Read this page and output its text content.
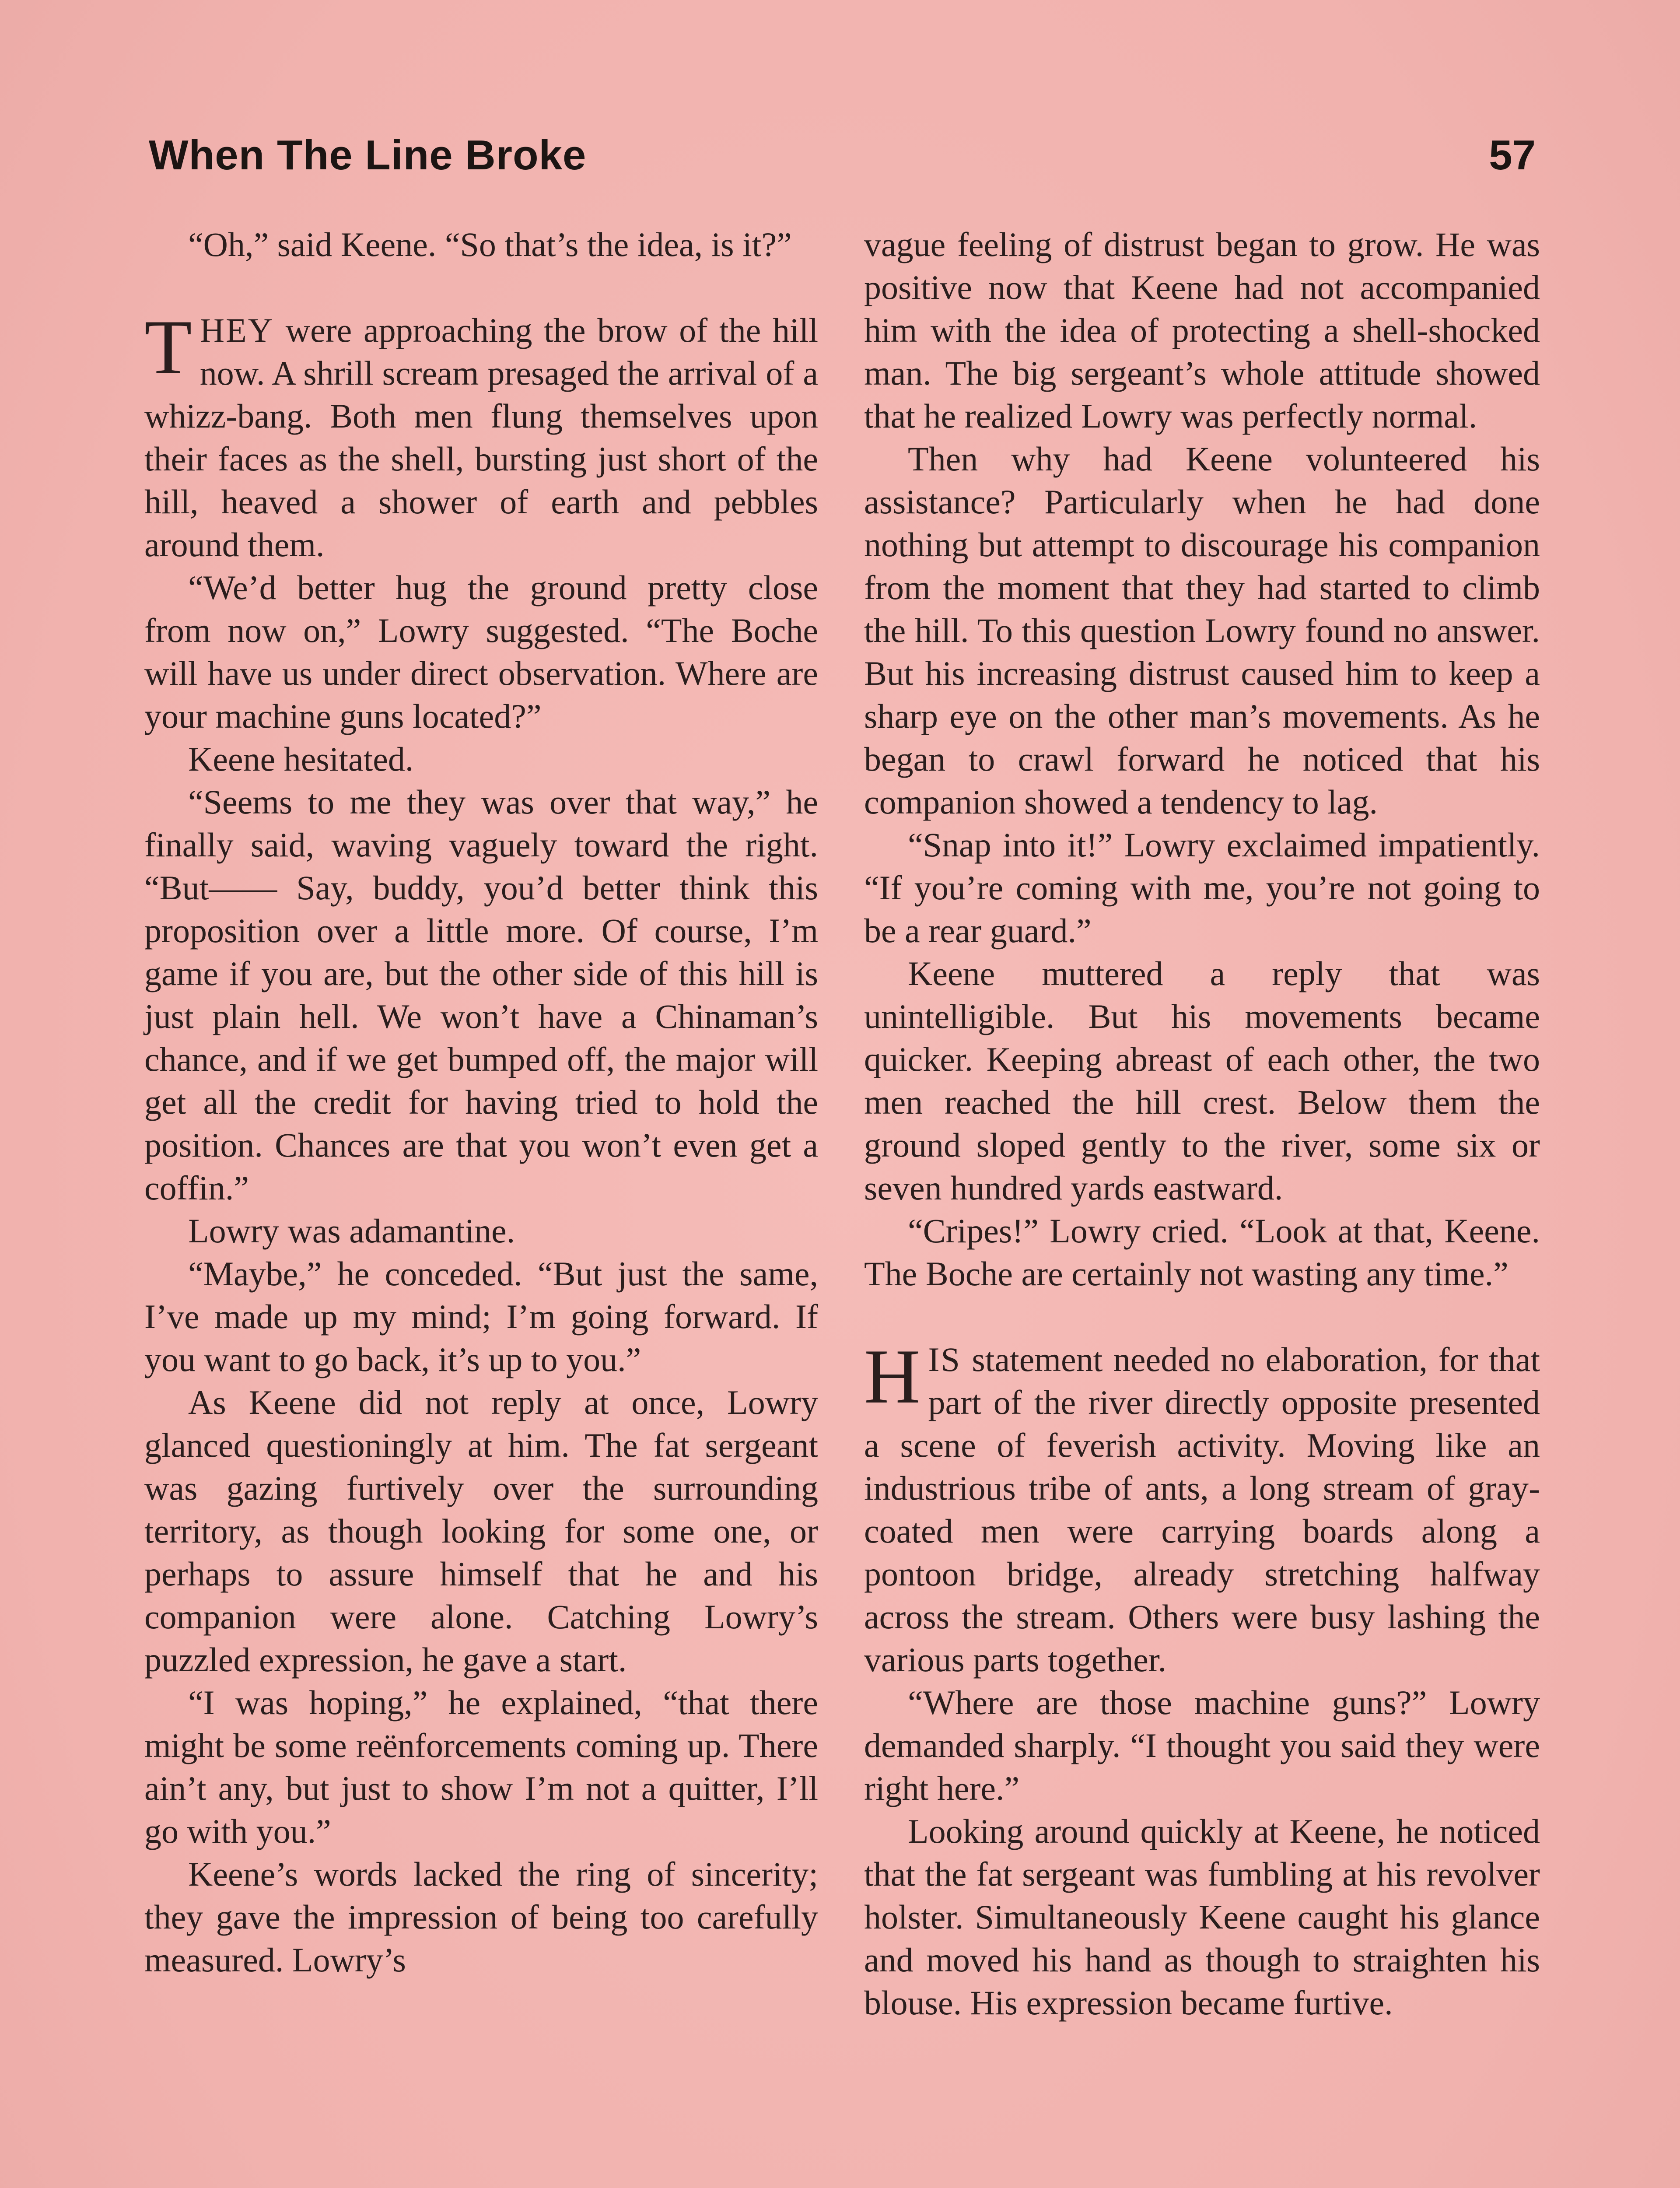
When The Line Broke	57

“Oh,” said Keene. “So that’s the idea, is it?”

THEY were approaching the brow of the hill now. A shrill scream presaged the arrival of a whizz-bang. Both men flung themselves upon their faces as the shell, bursting just short of the hill, heaved a shower of earth and pebbles around them.

“We’d better hug the ground pretty close from now on,” Lowry suggested. “The Boche will have us under direct observation. Where are your machine guns located?”

Keene hesitated.

“Seems to me they was over that way,” he finally said, waving vaguely toward the right. “But—— Say, buddy, you’d better think this proposition over a little more. Of course, I’m game if you are, but the other side of this hill is just plain hell. We won’t have a Chinaman’s chance, and if we get bumped off, the major will get all the credit for having tried to hold the position. Chances are that you won’t even get a coffin.”

Lowry was adamantine.

“Maybe,” he conceded. “But just the same, I’ve made up my mind; I’m going forward. If you want to go back, it’s up to you.”

As Keene did not reply at once, Lowry glanced questioningly at him. The fat sergeant was gazing furtively over the surrounding territory, as though looking for some one, or perhaps to assure himself that he and his companion were alone. Catching Lowry’s puzzled expression, he gave a start.

“I was hoping,” he explained, “that there might be some reënforcements coming up. There ain’t any, but just to show I’m not a quitter, I’ll go with you.”

Keene’s words lacked the ring of sincerity; they gave the impression of being too carefully measured. Lowry’s

vague feeling of distrust began to grow. He was positive now that Keene had not accompanied him with the idea of protecting a shell-shocked man. The big sergeant’s whole attitude showed that he realized Lowry was perfectly normal.

Then why had Keene volunteered his assistance? Particularly when he had done nothing but attempt to discourage his companion from the moment that they had started to climb the hill. To this question Lowry found no answer. But his increasing distrust caused him to keep a sharp eye on the other man’s movements. As he began to crawl forward he noticed that his companion showed a tendency to lag.

“Snap into it!” Lowry exclaimed impatiently. “If you’re coming with me, you’re not going to be a rear guard.”

Keene muttered a reply that was unintelligible. But his movements became quicker. Keeping abreast of each other, the two men reached the hill crest. Below them the ground sloped gently to the river, some six or seven hundred yards eastward.

“Cripes!” Lowry cried. “Look at that, Keene. The Boche are certainly not wasting any time.”

HIS statement needed no elaboration, for that part of the river directly opposite presented a scene of feverish activity. Moving like an industrious tribe of ants, a long stream of gray-coated men were carrying boards along a pontoon bridge, already stretching halfway across the stream. Others were busy lashing the various parts together.

“Where are those machine guns?” Lowry demanded sharply. “I thought you said they were right here.”

Looking around quickly at Keene, he noticed that the fat sergeant was fumbling at his revolver holster. Simultaneously Keene caught his glance and moved his hand as though to straighten his blouse. His expression became furtive.
